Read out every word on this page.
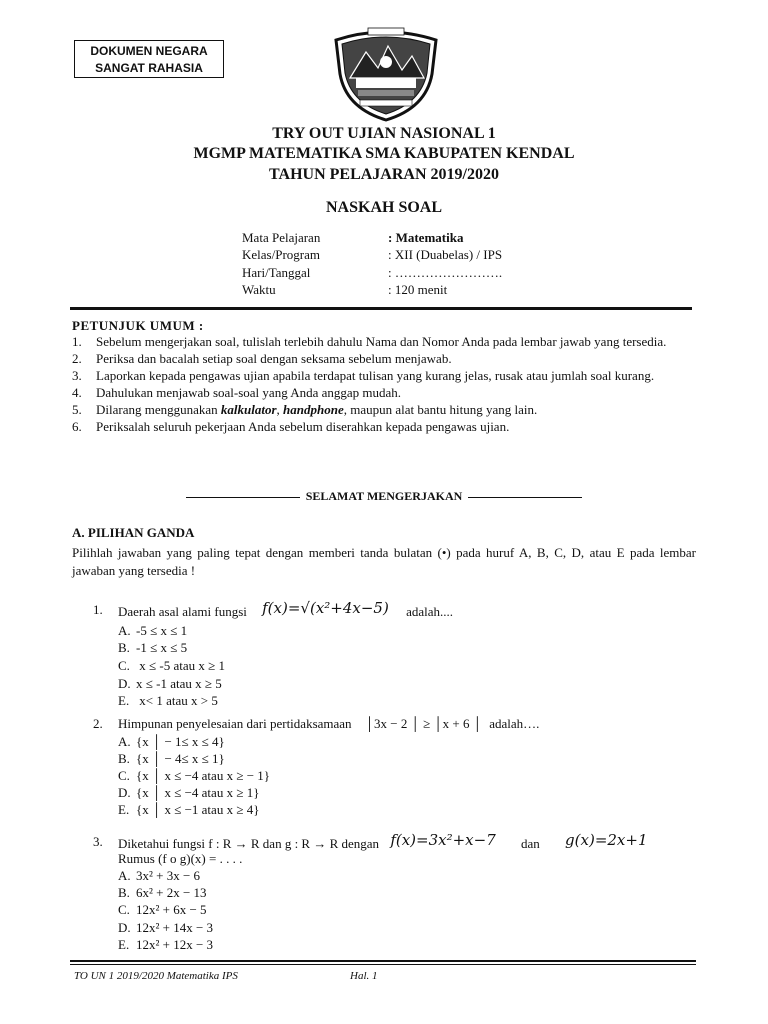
DOKUMEN NEGARA
SANGAT RAHASIA
TRY OUT UJIAN NASIONAL 1
MGMP MATEMATIKA SMA KABUPATEN KENDAL
TAHUN PELAJARAN 2019/2020
NASKAH SOAL
Mata Pelajaran	: Matematika
Kelas/Program	: XII (Duabelas) / IPS
Hari/Tanggal	: …………………….
Waktu	: 120 menit
PETUNJUK UMUM :
1. Sebelum mengerjakan soal, tulislah terlebih dahulu Nama dan Nomor Anda pada lembar jawab yang tersedia.
2. Periksa dan bacalah setiap soal dengan seksama sebelum menjawab.
3. Laporkan kepada pengawas ujian apabila terdapat tulisan yang kurang jelas, rusak atau jumlah soal kurang.
4. Dahulukan menjawab soal-soal yang Anda anggap mudah.
5. Dilarang menggunakan kalkulator, handphone, maupun alat bantu hitung yang lain.
6. Periksalah seluruh pekerjaan Anda sebelum diserahkan kepada pengawas ujian.
SELAMAT MENGERJAKAN
A. PILIHAN GANDA
Pilihlah jawaban yang paling tepat dengan memberi tanda bulatan (•) pada huruf A, B, C, D, atau E pada lembar jawaban yang tersedia !
1. Daerah asal alami fungsi f(x)=√(x²+4x−5) adalah....
A. -5 ≤ x ≤ 1
B. -1 ≤ x ≤ 5
C. x ≤ -5 atau x ≥ 1
D. x ≤ -1 atau x ≥ 5
E. x< 1 atau x > 5
2. Himpunan penyelesaian dari pertidaksamaan │3x − 2 │ ≥ │x + 6 │ adalah….
A. {x │ − 1≤ x ≤ 4}
B. {x │ − 4≤ x ≤ 1}
C. {x │ x ≤ −4 atau x ≥ − 1}
D. {x │ x ≤ −4 atau x ≥ 1}
E. {x │ x ≤ −1 atau x ≥ 4}
3. Diketahui fungsi f : R → R dan g : R → R dengan f(x)=3x²+x−7 dan g(x)=2x+1
Rumus (f o g)(x) = . . . .
A. 3x² + 3x − 6
B. 6x² + 2x − 13
C. 12x² + 6x − 5
D. 12x² + 14x − 3
E. 12x² + 12x − 3
TO UN 1 2019/2020 Matematika IPS	Hal. 1
